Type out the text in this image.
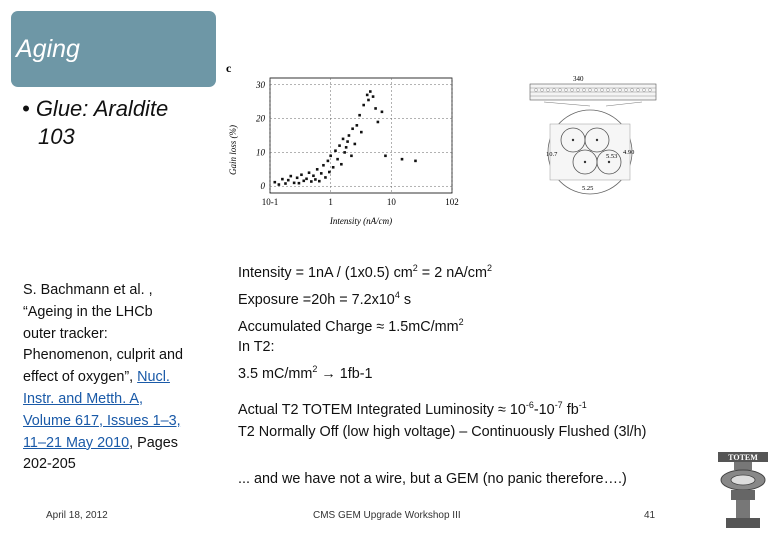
Aging
• Glue: Araldite
103
c
Gain loss (%)
10-1	1	10	102
0
10
20
30
Intensity (nA/cm)
340
10.7	5.53
4.90
5.25
S. Bachmann et al. , “Ageing in the LHCb outer tracker: Phenomenon, culprit and effect of oxygen”, Nucl. Instr. and Metth. A, Volume 617, Issues 1–3, 11–21 May 2010, Pages 202-205
Intensity = 1nA / (1x0.5) $cm^2 = 2$ $nA/cm^2$
Exposure $=20h = 7.2x10^4$ s
Accumulated Charge ≈ $1.5mC/mm^2$
In T2:
3.5 $mC/mm^2 \to 1fb-1$
Actual T2 TOTEM Integrated Luminosity ≈ $10^{-6}-10^{-7}$ $fb^{-1}$
T2 Normally Off (low high voltage) – Continuously Flushed (3l/h)
... and we have not a wire, but a GEM (no panic therefore….)
TOTEM
April 18, 2012	CMS GEM Upgrade Workshop III	41
